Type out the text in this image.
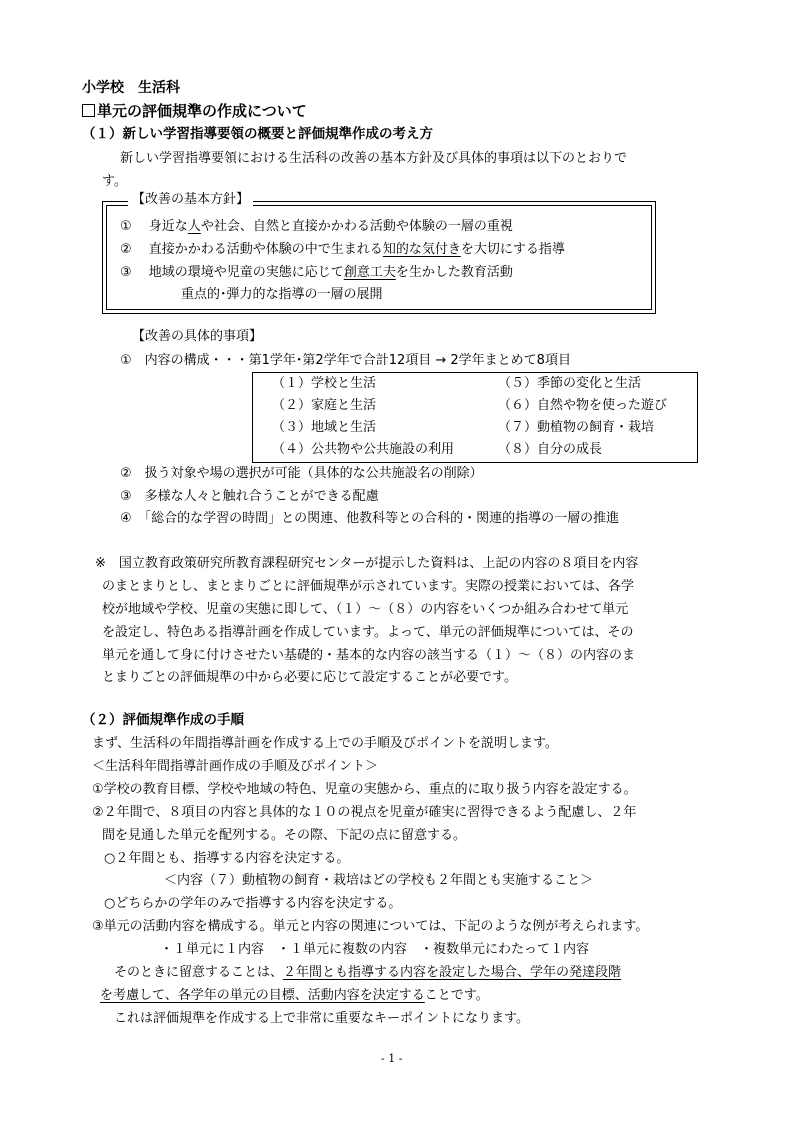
小学校　生活科
単元の評価規準の作成について
（１）新しい学習指導要領の概要と評価規準作成の考え方
新しい学習指導要領における生活科の改善の基本方針及び具体的事項は以下のとおりで
す。
【改善の基本方針】
①　 身近な人や社会、自然と直接かかわる活動や体験の一層の重視
②　 直接かかわる活動や体験の中で生まれる知的な気付きを大切にする指導
③　 地域の環境や児童の実態に応じて創意工夫を生かした教育活動
重点的･弾力的な指導の一層の展開
【改善の具体的事項】
①　内容の構成・・・第1学年･第2学年で合計12項目 → 2学年まとめて8項目
（１）学校と生活
（２）家庭と生活
（３）地域と生活
（４）公共物や公共施設の利用
（５）季節の変化と生活
（６）自然や物を使った遊び
（７）動植物の飼育・栽培
（８）自分の成長
②　扱う対象や場の選択が可能（具体的な公共施設名の削除）
③　多様な人々と触れ合うことができる配慮
④　「総合的な学習の時間」との関連、他教科等との合科的・関連的指導の一層の推進
※　国立教育政策研究所教育課程研究センターが提示した資料は、上記の内容の８項目を内容
のまとまりとし、まとまりごとに評価規準が示されています。実際の授業においては、各学
校が地域や学校、児童の実態に即して、（１）～（８）の内容をいくつか組み合わせて単元
を設定し、特色ある指導計画を作成しています。よって、単元の評価規準については、その
単元を通して身に付けさせたい基礎的・基本的な内容の該当する（１）～（８）の内容のま
とまりごとの評価規準の中から必要に応じて設定することが必要です。
（２）評価規準作成の手順
まず、生活科の年間指導計画を作成する上での手順及びポイントを説明します。
＜生活科年間指導計画作成の手順及びポイント＞
①学校の教育目標、学校や地域の特色、児童の実態から、重点的に取り扱う内容を設定する。
②２年間で、８項目の内容と具体的な１０の視点を児童が確実に習得できるよう配慮し、２年
間を見通した単元を配列する。その際、下記の点に留意する。
○２年間とも、指導する内容を決定する。
＜内容（７）動植物の飼育・栽培はどの学校も２年間とも実施すること＞
○どちらかの学年のみで指導する内容を決定する。
③単元の活動内容を構成する。単元と内容の関連については、下記のような例が考えられます。
・１単元に１内容　・１単元に複数の内容　・複数単元にわたって１内容
そのときに留意することは、２年間とも指導する内容を設定した場合、学年の発達段階
を考慮して、各学年の単元の目標、活動内容を決定することです。
これは評価規準を作成する上で非常に重要なキーポイントになります。
- 1 -
